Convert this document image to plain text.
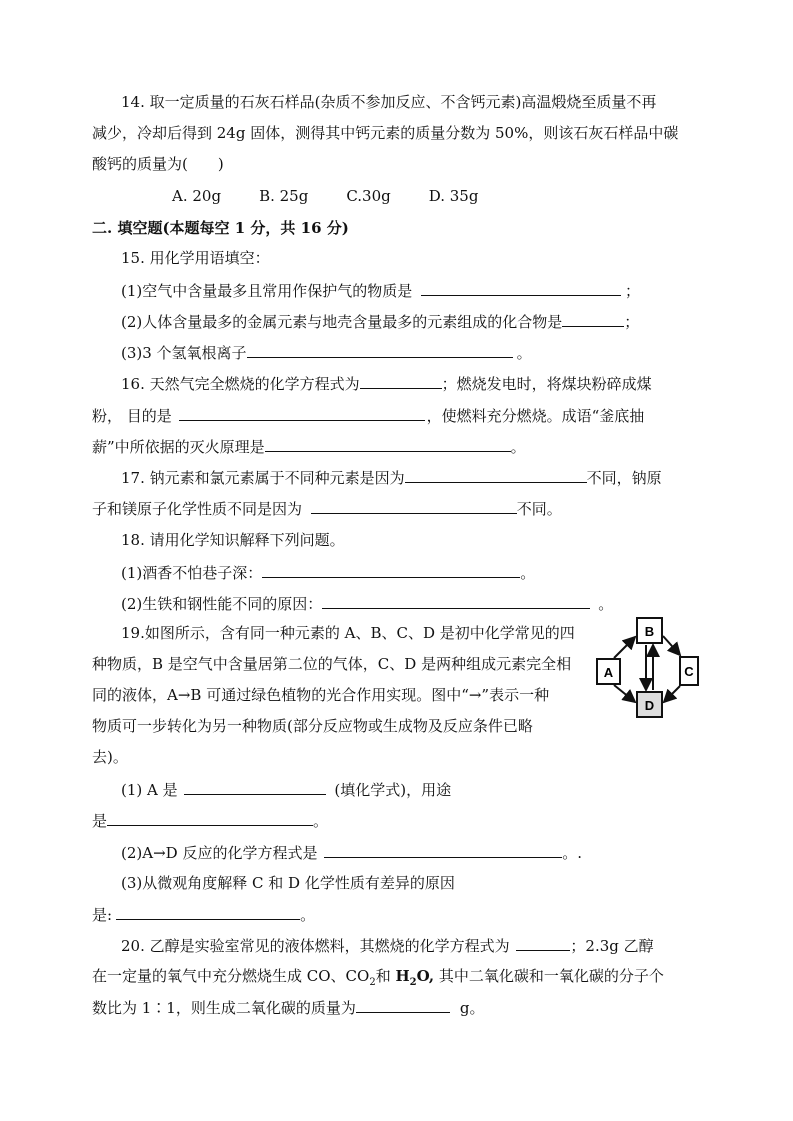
14. 取一定质量的石灰石样品(杂质不参加反应、不含钙元素)高温煅烧至质量不再
减少，冷却后得到 24g 固体，测得其中钙元素的质量分数为 50%，则该石灰石样品中碳
酸钙的质量为(　　)
A. 20g	B. 25g	C.30g	D. 35g
二. 填空题(本题每空 1 分，共 16 分)
15. 用化学用语填空：
(1)空气中含量最多且常用作保护气的物质是	；
(2)人体含量最多的金属元素与地壳含量最多的元素组成的化合物是	；
(3)3 个氢氧根离子	。
16. 天然气完全燃烧的化学方程式为	；燃烧发电时，将煤块粉碎成煤
粉， 目的是	，使燃料充分燃烧。成语“釜底抽
薪”中所依据的灭火原理是	。
17. 钠元素和氯元素属于不同种元素是因为	不同，钠原
子和镁原子化学性质不同是因为	不同。
18. 请用化学知识解释下列问题。
(1)酒香不怕巷子深：	。
(2)生铁和钢性能不同的原因：	。
19.如图所示，含有同一种元素的 A、B、C、D 是初中化学常见的四
种物质，B 是空气中含量居第二位的气体，C、D 是两种组成元素完全相
同的液体，A→B 可通过绿色植物的光合作用实现。图中“→”表示一种
物质可一步转化为另一种物质(部分反应物或生成物及反应条件已略
去)。
B
A	C
D
(1) A 是	(填化学式)，用途
是	。
(2)A→D 反应的化学方程式是	。.
(3)从微观角度解释 C 和 D 化学性质有差异的原因
是:	。
20. 乙醇是实验室常见的液体燃料，其燃烧的化学方程式为	；2.3g 乙醇
在一定量的氧气中充分燃烧生成 CO、$CO_2$和 $H_2O$, 其中二氧化碳和一氧化碳的分子个
数比为 1∶1，则生成二氧化碳的质量为	g。
